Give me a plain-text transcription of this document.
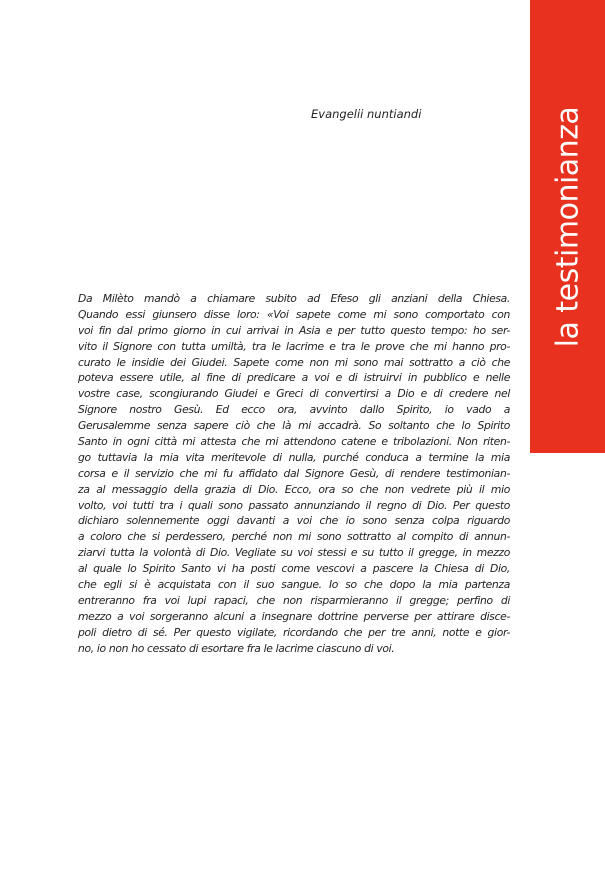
la testimonianza
Evangelii nuntiandi
Da Milèto mandò a chiamare subito ad Efeso gli anziani della Chiesa.
Quando essi giunsero disse loro: «Voi sapete come mi sono comportato con
voi fin dal primo giorno in cui arrivai in Asia e per tutto questo tempo: ho ser-
vito il Signore con tutta umiltà, tra le lacrime e tra le prove che mi hanno pro-
curato le insidie dei Giudei. Sapete come non mi sono mai sottratto a ciò che
poteva essere utile, al fine di predicare a voi e di istruirvi in pubblico e nelle
vostre case, scongiurando Giudei e Greci di convertirsi a Dio e di credere nel
Signore nostro Gesù. Ed ecco ora, avvinto dallo Spirito, io vado a
Gerusalemme senza sapere ciò che là mi accadrà. So soltanto che lo Spirito
Santo in ogni città mi attesta che mi attendono catene e tribolazioni. Non riten-
go tuttavia la mia vita meritevole di nulla, purché conduca a termine la mia
corsa e il servizio che mi fu affidato dal Signore Gesù, di rendere testimonian-
za al messaggio della grazia di Dio. Ecco, ora so che non vedrete più il mio
volto, voi tutti tra i quali sono passato annunziando il regno di Dio. Per questo
dichiaro solennemente oggi davanti a voi che io sono senza colpa riguardo
a coloro che si perdessero, perché non mi sono sottratto al compito di annun-
ziarvi tutta la volontà di Dio. Vegliate su voi stessi e su tutto il gregge, in mezzo
al quale lo Spirito Santo vi ha posti come vescovi a pascere la Chiesa di Dio,
che egli si è acquistata con il suo sangue. Io so che dopo la mia partenza
entreranno fra voi lupi rapaci, che non risparmieranno il gregge; perfino di
mezzo a voi sorgeranno alcuni a insegnare dottrine perverse per attirare disce-
poli dietro di sé. Per questo vigilate, ricordando che per tre anni, notte e gior-
no, io non ho cessato di esortare fra le lacrime ciascuno di voi.
